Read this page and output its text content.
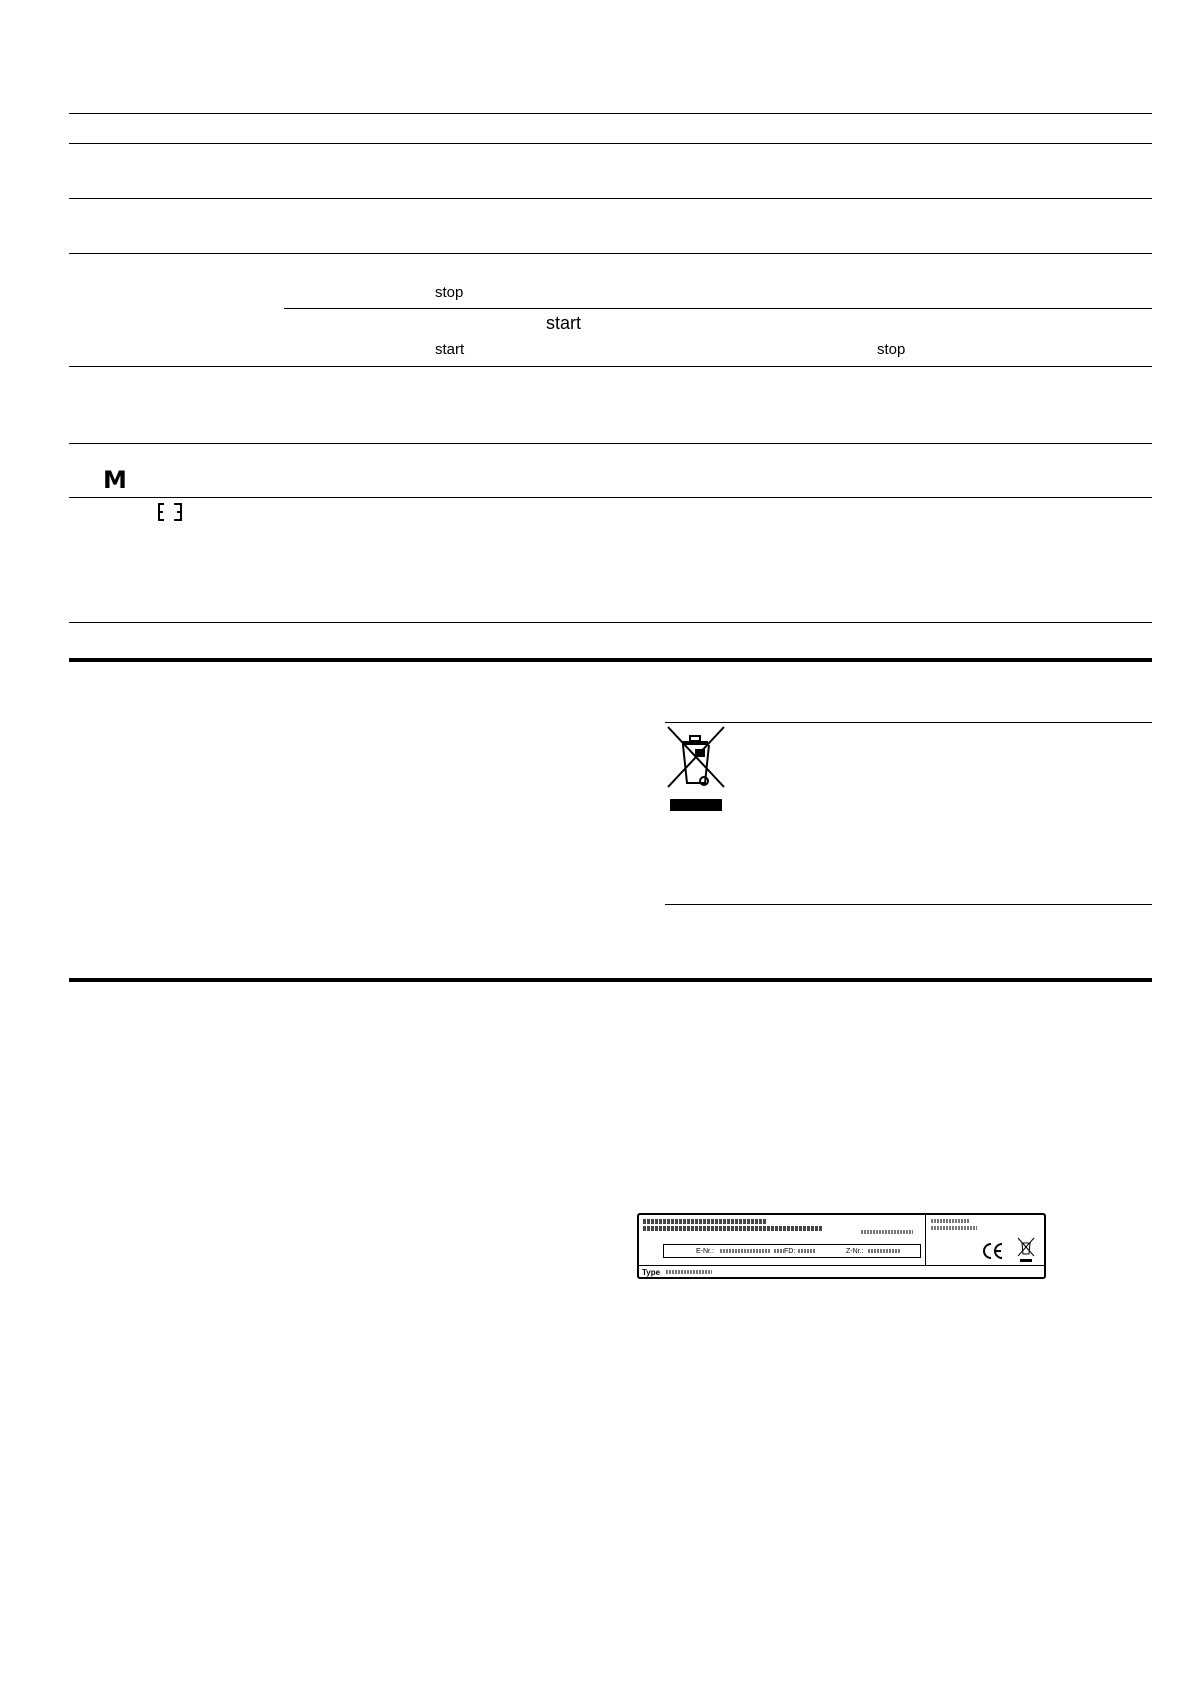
stop
start
start	stop
M
E-Nr.:	FD:	Z-Nr.:
Type
